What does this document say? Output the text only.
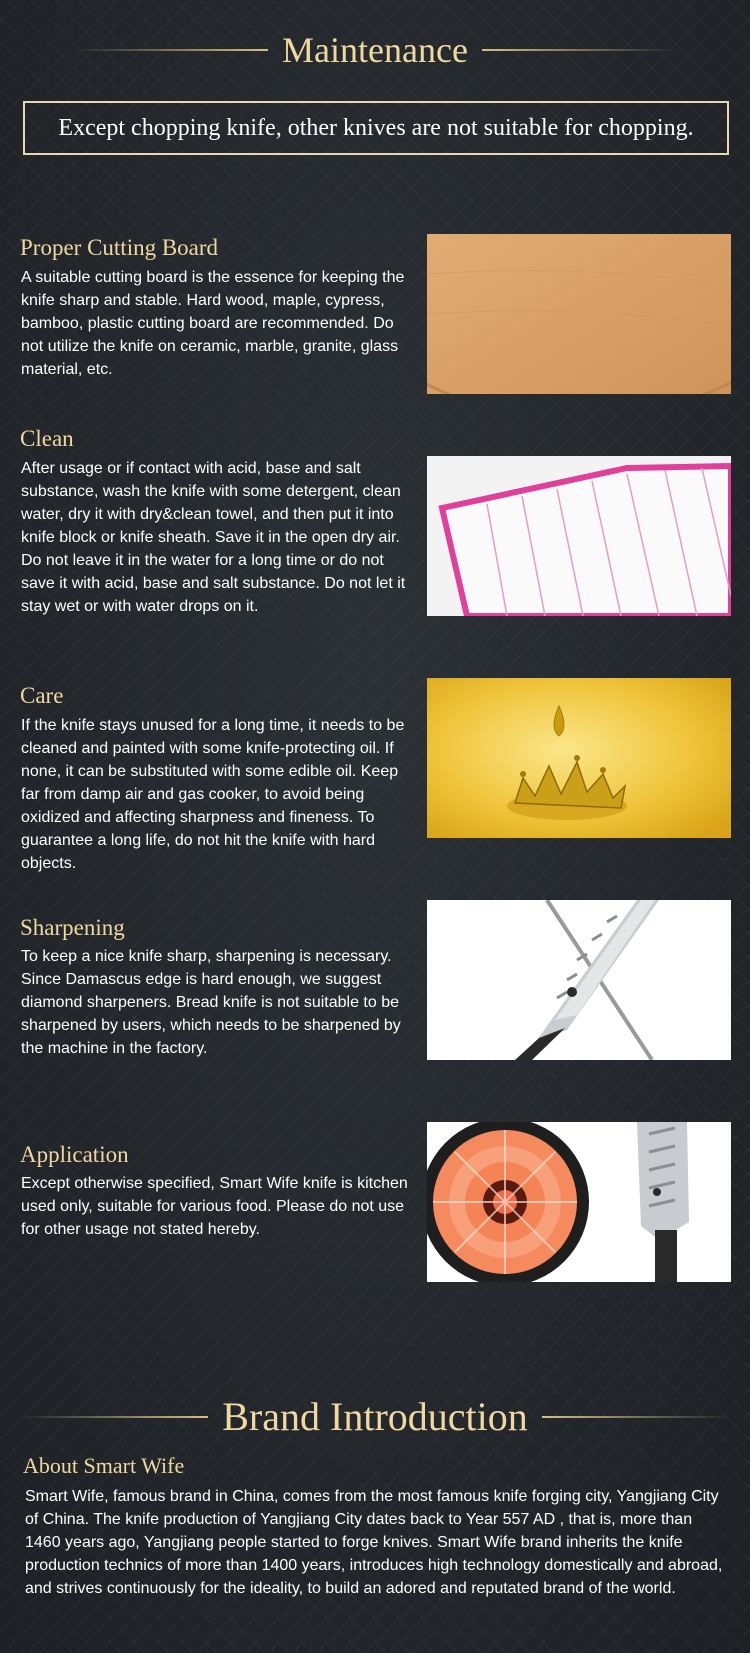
Maintenance
Except chopping knife, other knives are not suitable for chopping.
Proper Cutting Board
A suitable cutting board is the essence for keeping the knife sharp and stable. Hard wood, maple, cypress, bamboo, plastic cutting board are recommended. Do not utilize the knife on ceramic, marble, granite, glass material, etc.
Clean
After usage or if contact with acid, base and salt substance, wash the knife with some detergent, clean water, dry it with dry&clean towel, and then put it into knife block or knife sheath. Save it in the open dry air. Do not leave it in the water for a long time or do not save it with acid, base and salt substance. Do not let it stay wet or with water drops on it.
Care
If the knife stays unused for a long time, it needs to be cleaned and painted with some knife-protecting oil. If none, it can be substituted with some edible oil. Keep far from damp air and gas cooker, to avoid being oxidized and affecting sharpness and fineness. To guarantee a long life, do not hit the knife with hard objects.
Sharpening
To keep a nice knife sharp, sharpening is necessary. Since Damascus edge is hard enough, we suggest diamond sharpeners. Bread knife is not suitable to be sharpened by users, which needs to be sharpened by the machine in the factory.
Application
Except otherwise specified, Smart Wife knife is kitchen used only, suitable for various food. Please do not use for other usage not stated hereby.
Brand Introduction
About Smart Wife
Smart Wife, famous brand in China, comes from the most famous knife forging city, Yangjiang City of China. The knife production of Yangjiang City dates back to Year 557 AD , that is, more than 1460 years ago, Yangjiang people started to forge knives. Smart Wife brand inherits the knife production technics of more than 1400 years, introduces high technology domestically and abroad, and strives continuously for the ideality, to build an adored and reputated brand of the world.
